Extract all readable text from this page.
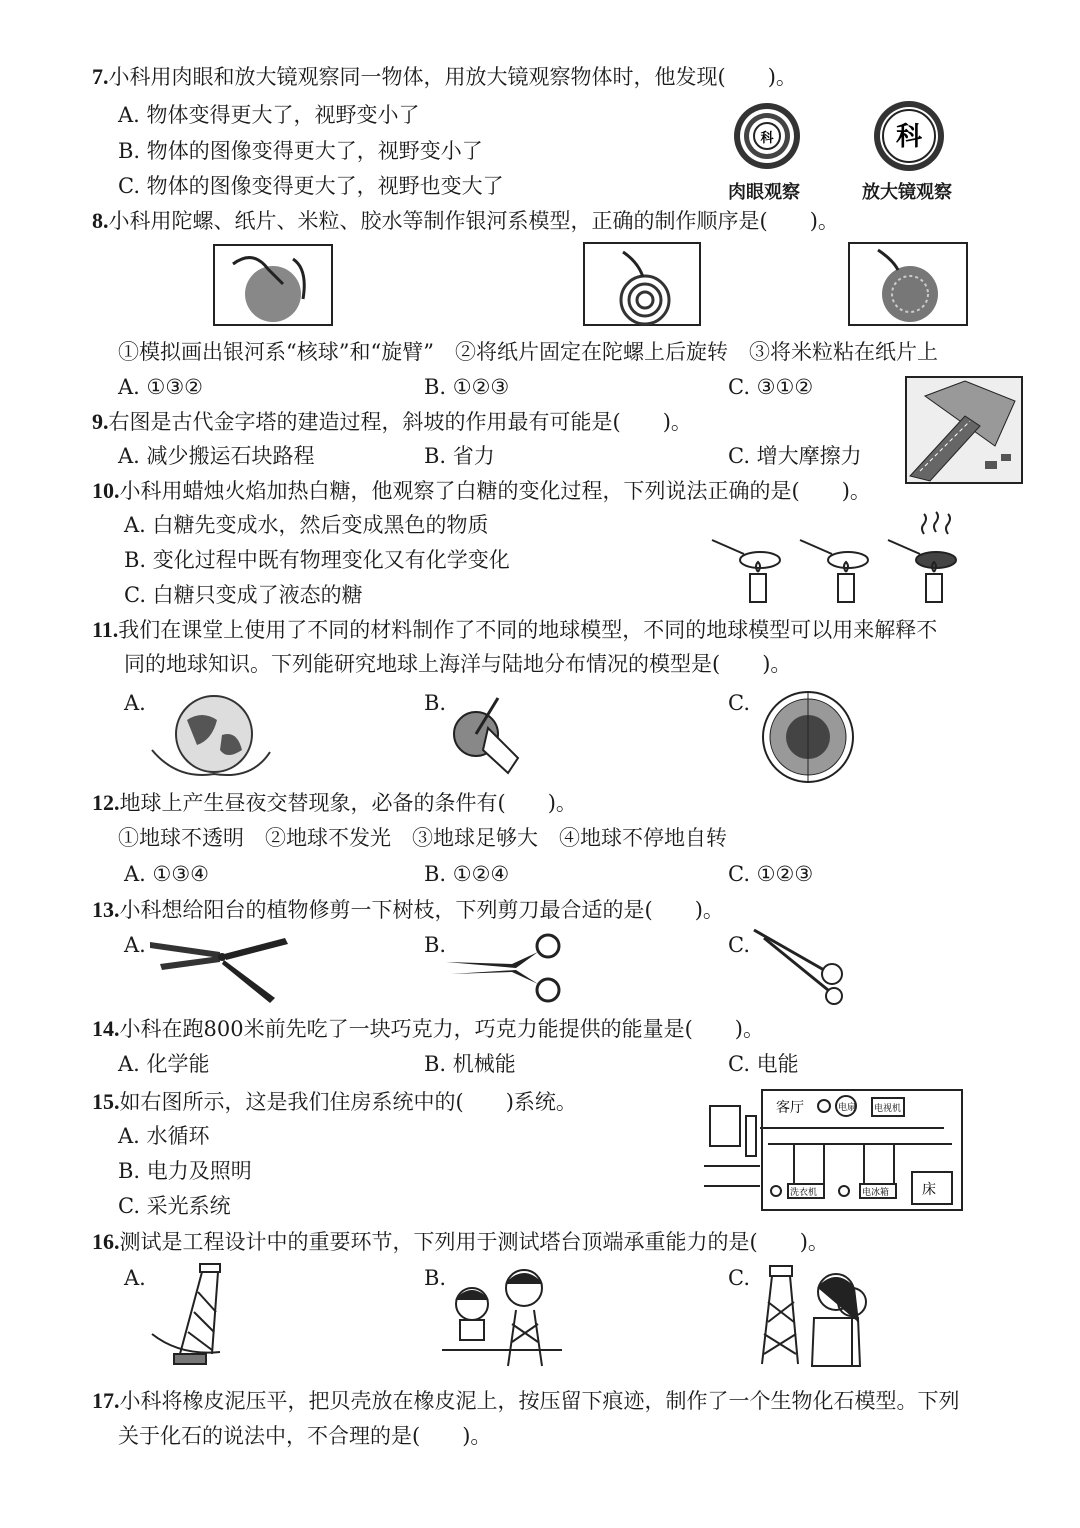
7.小科用肉眼和放大镜观察同一物体，用放大镜观察物体时，他发现(　　)。
A. 物体变得更大了，视野变小了
B. 物体的图像变得更大了，视野变小了
C. 物体的图像变得更大了，视野也变大了
科	科
肉眼观察	放大镜观察
8.小科用陀螺、纸片、米粒、胶水等制作银河系模型，正确的制作顺序是(　　)。
①模拟画出银河系“核球”和“旋臂”　②将纸片固定在陀螺上后旋转　③将米粒粘在纸片上
A. ①③②	B. ①②③	C. ③①②
9.右图是古代金字塔的建造过程，斜坡的作用最有可能是(　　)。
A. 减少搬运石块路程	B. 省力	C. 增大摩擦力
10.小科用蜡烛火焰加热白糖，他观察了白糖的变化过程，下列说法正确的是(　　)。
A. 白糖先变成水，然后变成黑色的物质
B. 变化过程中既有物理变化又有化学变化
C. 白糖只变成了液态的糖
11.我们在课堂上使用了不同的材料制作了不同的地球模型，不同的地球模型可以用来解释不
同的地球知识。下列能研究地球上海洋与陆地分布情况的模型是(　　)。
A.	B.	C.
12.地球上产生昼夜交替现象，必备的条件有(　　)。
①地球不透明　②地球不发光　③地球足够大　④地球不停地自转
A. ①③④	B. ①②④	C. ①②③
13.小科想给阳台的植物修剪一下树枝，下列剪刀最合适的是(　　)。
A.	B.	C.
14.小科在跑800米前先吃了一块巧克力，巧克力能提供的能量是(　　)。
A. 化学能	B. 机械能	C. 电能
15.如右图所示，这是我们住房系统中的(　　)系统。
A. 水循环
B. 电力及照明
C. 采光系统
客厅	电扇 电视机
洗衣机	电冰箱 床
16.测试是工程设计中的重要环节，下列用于测试塔台顶端承重能力的是(　　)。
A.	B.	C.
17.小科将橡皮泥压平，把贝壳放在橡皮泥上，按压留下痕迹，制作了一个生物化石模型。下列
关于化石的说法中，不合理的是(　　)。
